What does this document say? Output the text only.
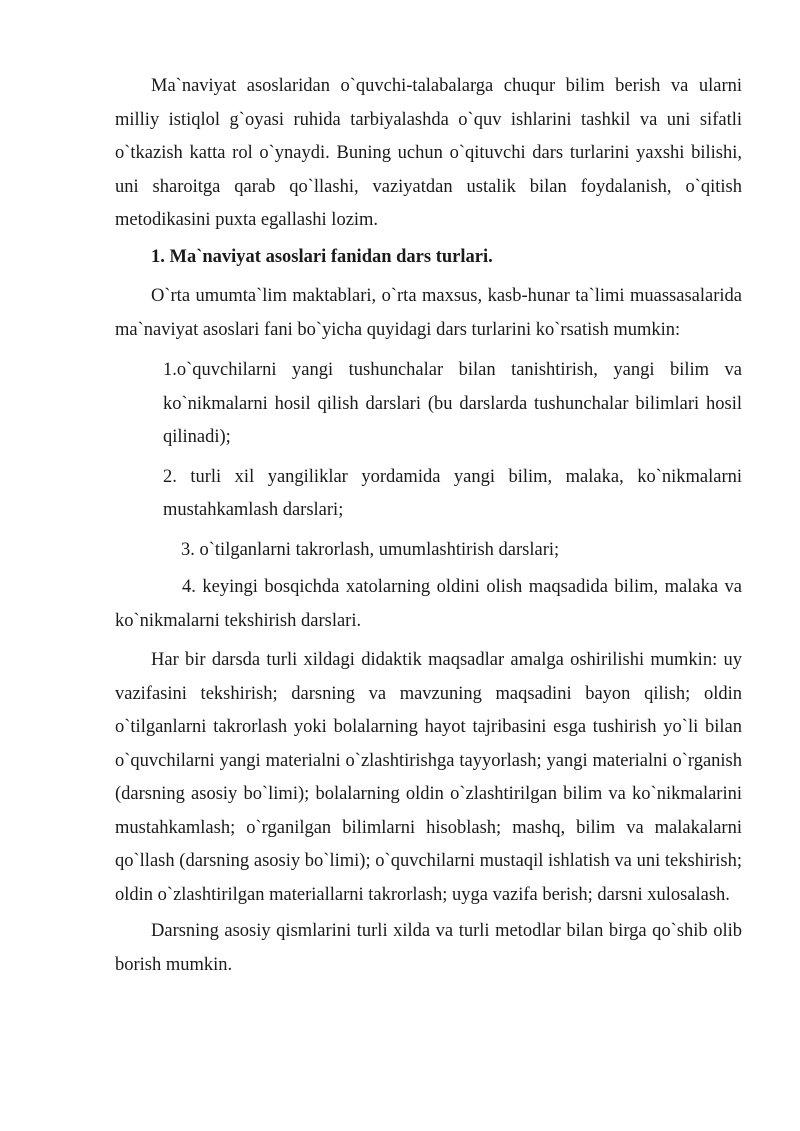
Ma`naviyat asoslaridan o`quvchi-talabalarga chuqur bilim berish va ularni milliy istiqlol g`oyasi ruhida tarbiyalashda o`quv ishlarini tashkil va uni sifatli o`tkazish katta rol o`ynaydi. Buning uchun o`qituvchi dars turlarini yaxshi bilishi, uni sharoitga qarab qo`llashi, vaziyatdan ustalik bilan foydalanish, o`qitish metodikasini puxta egallashi lozim.

1. Ma`naviyat asoslari fanidan dars turlari.

O`rta umumta`lim maktablari, o`rta maxsus, kasb-hunar ta`limi muassasalarida ma`naviyat asoslari fani bo`yicha quyidagi dars turlarini ko`rsatish mumkin:

1.o`quvchilarni yangi tushunchalar bilan tanishtirish, yangi bilim va ko`nikmalarni hosil qilish darslari (bu darslarda tushunchalar bilimlari hosil qilinadi);

2. turli xil yangiliklar yordamida yangi bilim, malaka, ko`nikmalarni mustahkamlash darslari;

3. o`tilganlarni takrorlash, umumlashtirish darslari;

4. keyingi bosqichda xatolarning oldini olish maqsadida bilim, malaka va ko`nikmalarni tekshirish darslari.

Har bir darsda turli xildagi didaktik maqsadlar amalga oshirilishi mumkin: uy vazifasini tekshirish; darsning va mavzuning maqsadini bayon qilish; oldin o`tilganlarni takrorlash yoki bolalarning hayot tajribasini esga tushirish yo`li bilan o`quvchilarni yangi materialni o`zlashtirishga tayyorlash; yangi materialni o`rganish (darsning asosiy bo`limi); bolalarning oldin o`zlashtirilgan bilim va ko`nikmalarini mustahkamlash; o`rganilgan bilimlarni hisoblash; mashq, bilim va malakalarni qo`llash (darsning asosiy bo`limi); o`quvchilarni mustaqil ishlatish va uni tekshirish; oldin o`zlashtirilgan materiallarni takrorlash; uyga vazifa berish; darsni xulosalash.

Darsning asosiy qismlarini turli xilda va turli metodlar bilan birga qo`shib olib borish mumkin.
